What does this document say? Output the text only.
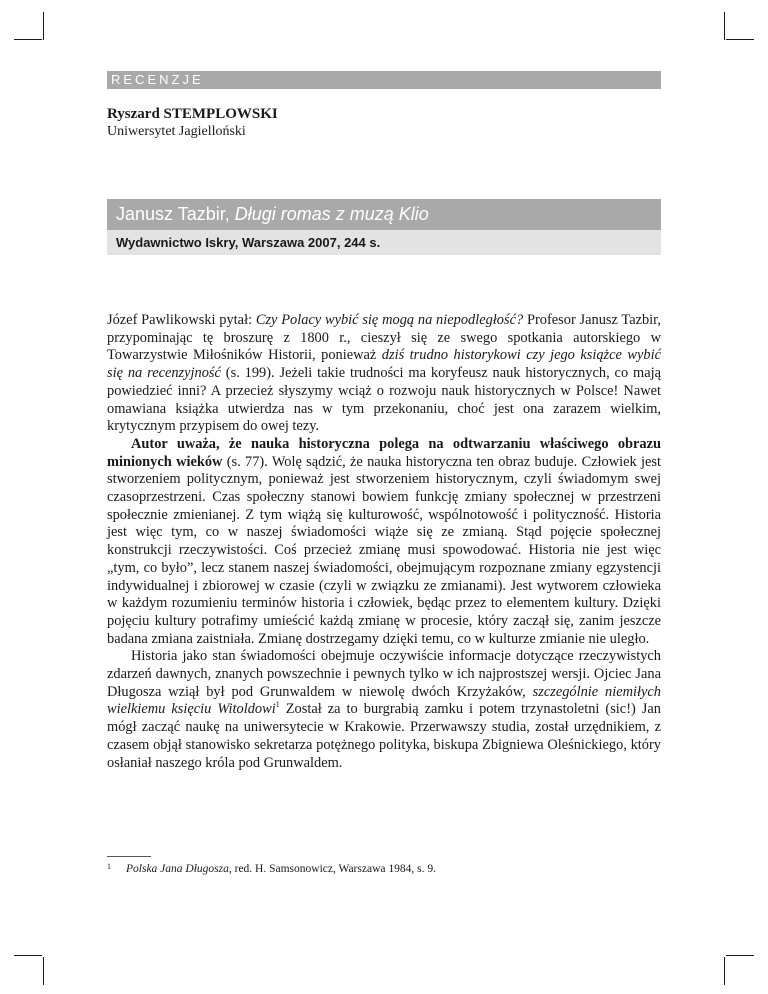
RECENZJE
Ryszard STEMPLOWSKI
Uniwersytet Jagielloński
Janusz Tazbir, Długi romas z muzą Klio
Wydawnictwo Iskry, Warszawa 2007, 244 s.

Józef Pawlikowski pytał: Czy Polacy wybić się mogą na niepodległość? Profesor Janusz Tazbir, przypominając tę broszurę z 1800 r., cieszył się ze swego spotkania autorskiego w Towarzystwie Miłośników Historii, ponieważ dziś trudno historykowi czy jego książce wybić się na recenzyjność (s. 199). Jeżeli takie trudności ma koryfeusz nauk historycznych, co mają powiedzieć inni? A przecież słyszymy wciąż o rozwoju nauk historycznych w Polsce! Nawet omawiana książka utwierdza nas w tym przekonaniu, choć jest ona zarazem wielkim, krytycznym przypisem do owej tezy.

Autor uważa, że nauka historyczna polega na odtwarzaniu właściwego obrazu minionych wieków (s. 77). Wolę sądzić, że nauka historyczna ten obraz buduje. Człowiek jest stworzeniem politycznym, ponieważ jest stworzeniem historycznym, czyli świadomym swej czasoprzestrzeni. Czas społeczny stanowi bowiem funkcję zmiany społecznej w przestrzeni społecznie zmienianej. Z tym wiążą się kulturowość, wspólnotowość i polityczność. Historia jest więc tym, co w naszej świadomości wiąże się ze zmianą. Stąd pojęcie społecznej konstrukcji rzeczywistości. Coś przecież zmianę musi spowodować. Historia nie jest więc „tym, co było”, lecz stanem naszej świadomości, obejmującym rozpoznane zmiany egzystencji indywidualnej i zbiorowej w czasie (czyli w związku ze zmianami). Jest wytworem człowieka w każdym rozumieniu terminów historia i człowiek, będąc przez to elementem kultury. Dzięki pojęciu kultury potrafimy umieścić każdą zmianę w procesie, który zaczął się, zanim jeszcze badana zmiana zaistniała. Zmianę dostrzegamy dzięki temu, co w kulturze zmianie nie uległo.

Historia jako stan świadomości obejmuje oczywiście informacje dotyczące rzeczywistych zdarzeń dawnych, znanych powszechnie i pewnych tylko w ich najprostszej wersji. Ojciec Jana Długosza wziął był pod Grunwaldem w niewolę dwóch Krzyżaków, szczególnie niemiłych wielkiemu księciu Witoldowi$^1$ Został za to burgrabią zamku i potem trzynastoletni (sic!) Jan mógł zacząć naukę na uniwersytecie w Krakowie. Przerwawszy studia, został urzędnikiem, z czasem objął stanowisko sekretarza potężnego polityka, biskupa Zbigniewa Oleśnickiego, który osłaniał naszego króla pod Grunwaldem.

1 Polska Jana Długosza, red. H. Samsonowicz, Warszawa 1984, s. 9.
